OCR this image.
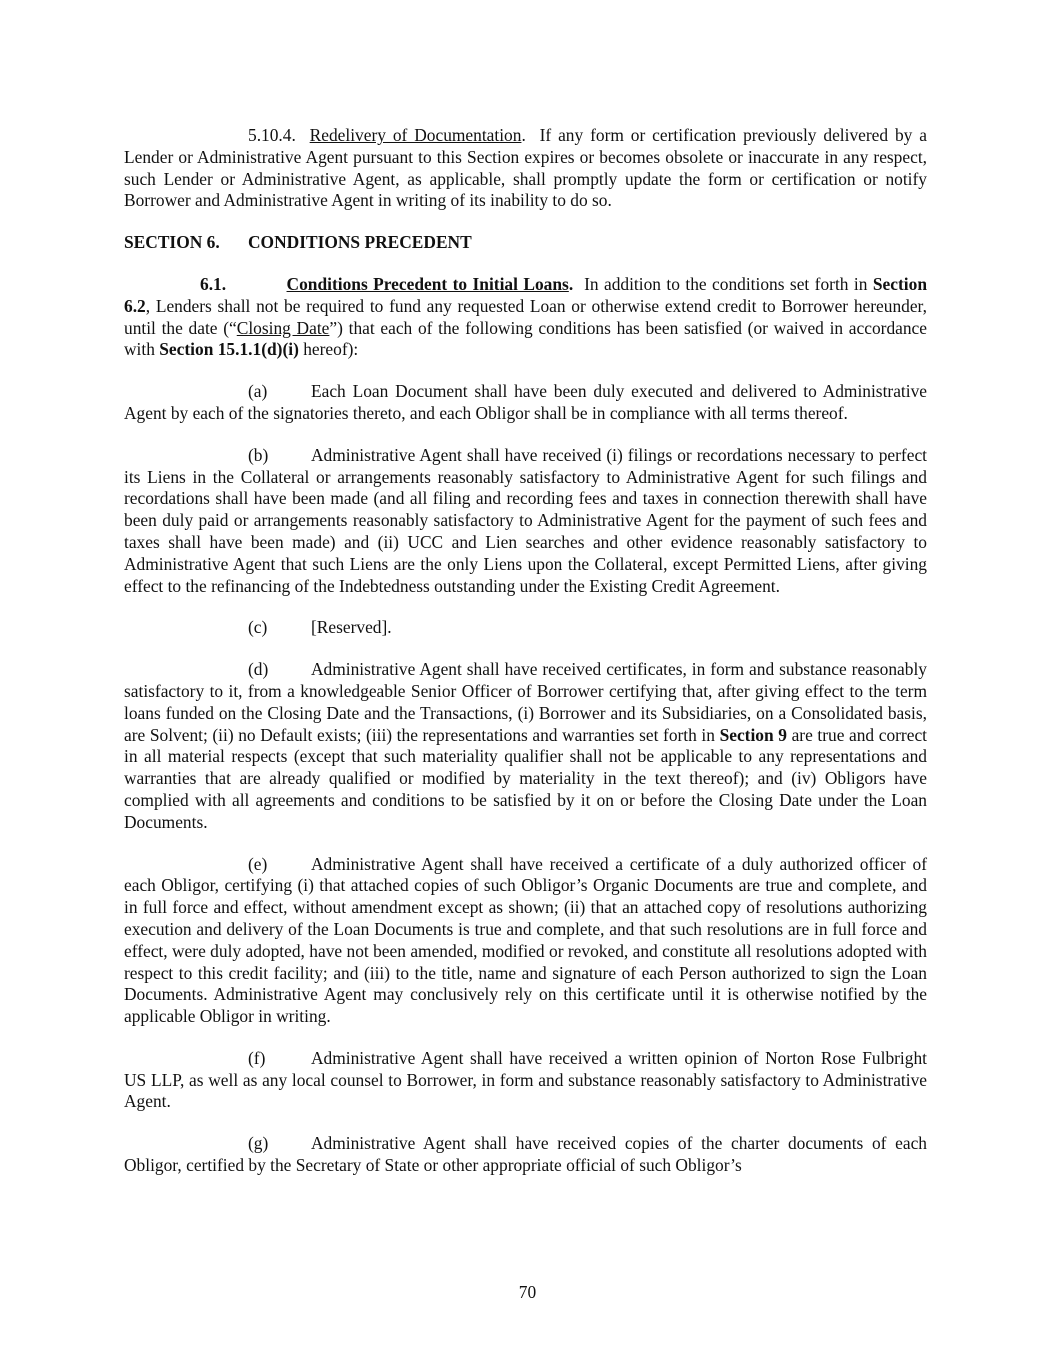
5.10.4. Redelivery of Documentation.  If any form or certification previously delivered by a Lender or Administrative Agent pursuant to this Section expires or becomes obsolete or inaccurate in any respect, such Lender or Administrative Agent, as applicable, shall promptly update the form or certification or notify Borrower and Administrative Agent in writing of its inability to do so.

SECTION 6. CONDITIONS PRECEDENT

6.1.	Conditions Precedent to Initial Loans. In addition to the conditions set forth in Section 6.2, Lenders shall not be required to fund any requested Loan or otherwise extend credit to Borrower hereunder, until the date (“Closing Date”) that each of the following conditions has been satisfied (or waived in accordance with Section 15.1.1(d)(i) hereof):

(a)	Each Loan Document shall have been duly executed and delivered to Administrative Agent by each of the signatories thereto, and each Obligor shall be in compliance with all terms thereof.

(b) Administrative Agent shall have received (i) filings or recordations necessary to perfect its Liens in the Collateral or arrangements reasonably satisfactory to Administrative Agent for such filings and recordations shall have been made (and all filing and recording fees and taxes in connection therewith shall have been duly paid or arrangements reasonably satisfactory to Administrative Agent for the payment of such fees and taxes shall have been made) and (ii) UCC and Lien searches and other evidence reasonably satisfactory to Administrative Agent that such Liens are the only Liens upon the Collateral, except Permitted Liens, after giving effect to the refinancing of the Indebtedness outstanding under the Existing Credit Agreement.

(c)	[Reserved].

(d) Administrative Agent shall have received certificates, in form and substance reasonably satisfactory to it, from a knowledgeable Senior Officer of Borrower certifying that, after giving effect to the term loans funded on the Closing Date and the Transactions, (i) Borrower and its Subsidiaries, on a Consolidated basis, are Solvent; (ii) no Default exists; (iii) the representations and warranties set forth in Section 9 are true and correct in all material respects (except that such materiality qualifier shall not be applicable to any representations and warranties that are already qualified or modified by materiality in the text thereof); and (iv) Obligors have complied with all agreements and conditions to be satisfied by it on or before the Closing Date under the Loan Documents.

(e)	Administrative Agent shall have received a certificate of a duly authorized officer of each Obligor, certifying (i) that attached copies of such Obligor’s Organic Documents are true and complete, and in full force and effect, without amendment except as shown; (ii) that an attached copy of resolutions authorizing execution and delivery of the Loan Documents is true and complete, and that such resolutions are in full force and effect, were duly adopted, have not been amended, modified or revoked, and constitute all resolutions adopted with respect to this credit facility; and (iii) to the title, name and signature of each Person authorized to sign the Loan Documents. Administrative Agent may conclusively rely on this certificate until it is otherwise notified by the applicable Obligor in writing.

(f)	Administrative Agent shall have received a written opinion of Norton Rose Fulbright US LLP, as well as any local counsel to Borrower, in form and substance reasonably satisfactory to Administrative Agent.

(g) Administrative Agent shall have received copies of the charter documents of each Obligor, certified by the Secretary of State or other appropriate official of such Obligor’s

70
